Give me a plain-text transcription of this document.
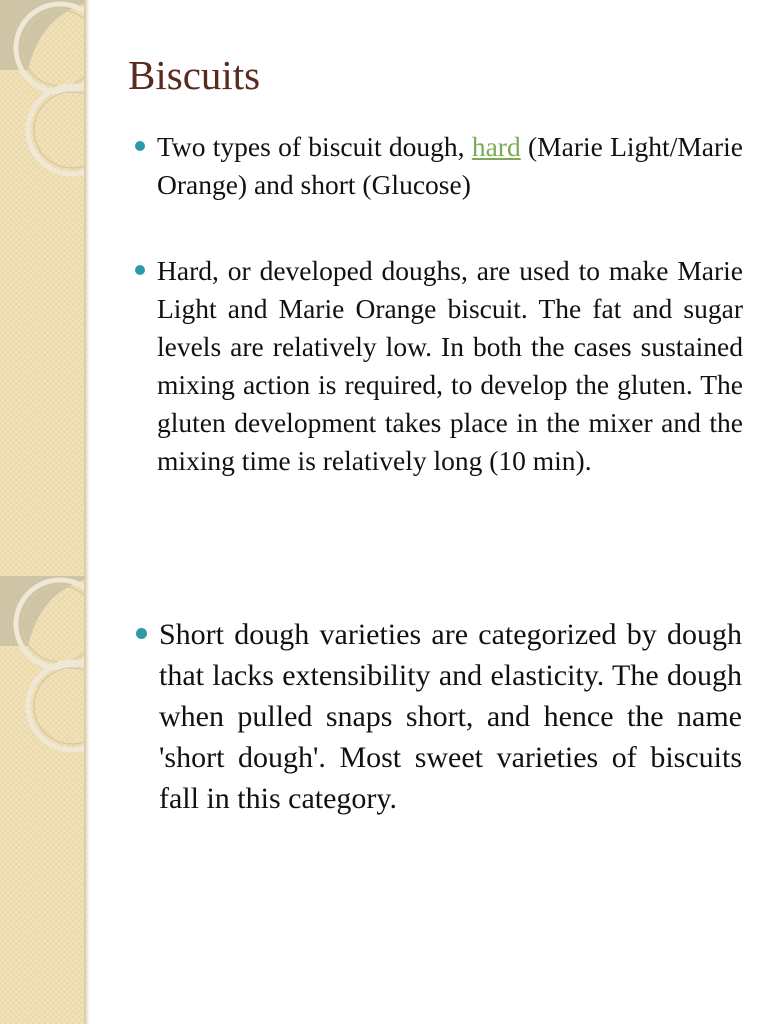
Biscuits

Two types of biscuit dough, hard (Marie Light/Marie Orange) and short (Glucose)

Hard, or developed doughs, are used to make Marie Light and Marie Orange biscuit. The fat and sugar levels are relatively low. In both the cases sustained mixing action is required, to develop the gluten. The gluten development takes place in the mixer and the mixing time is relatively long (10 min).

Short dough varieties are categorized by dough that lacks extensibility and elasticity. The dough when pulled snaps short, and hence the name 'short dough'. Most sweet varieties of biscuits fall in this category.
